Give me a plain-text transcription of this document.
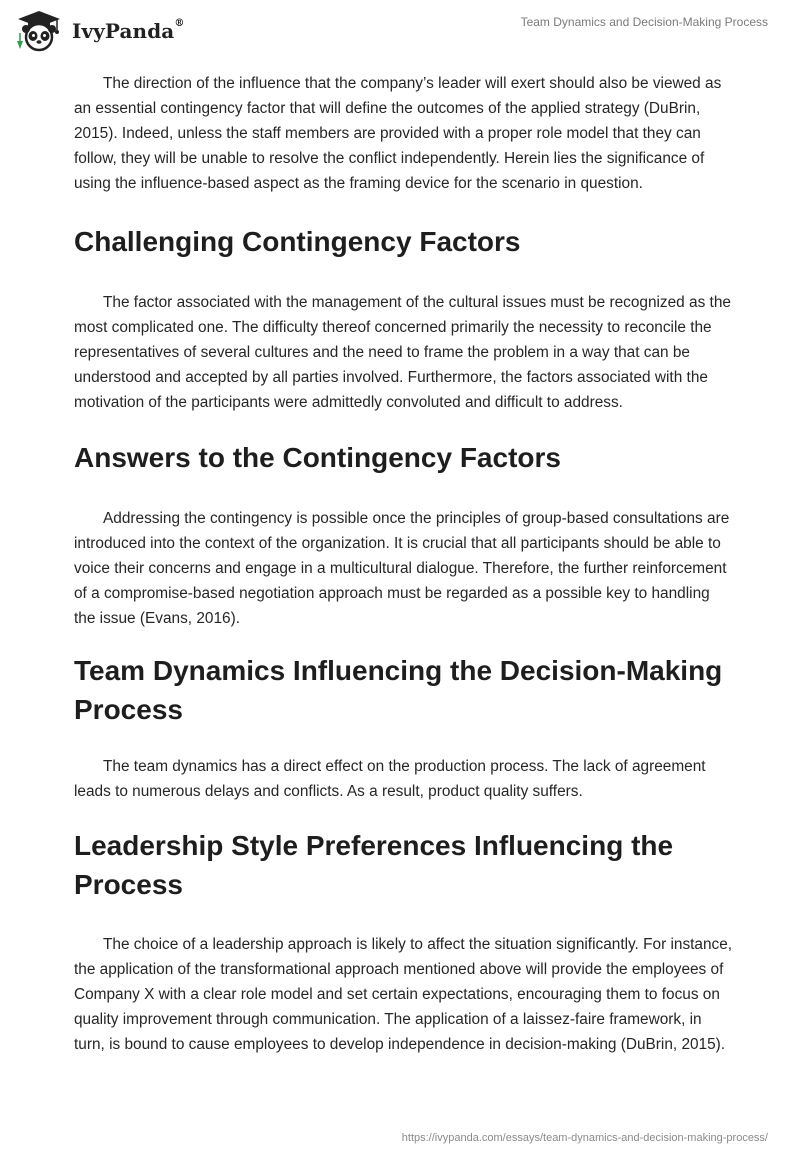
IvyPanda®	Team Dynamics and Decision-Making Process

The direction of the influence that the company’s leader will exert should also be viewed as an essential contingency factor that will define the outcomes of the applied strategy (DuBrin, 2015). Indeed, unless the staff members are provided with a proper role model that they can follow, they will be unable to resolve the conflict independently. Herein lies the significance of using the influence-based aspect as the framing device for the scenario in question.

Challenging Contingency Factors

The factor associated with the management of the cultural issues must be recognized as the most complicated one. The difficulty thereof concerned primarily the necessity to reconcile the representatives of several cultures and the need to frame the problem in a way that can be understood and accepted by all parties involved. Furthermore, the factors associated with the motivation of the participants were admittedly convoluted and difficult to address.

Answers to the Contingency Factors

Addressing the contingency is possible once the principles of group-based consultations are introduced into the context of the organization. It is crucial that all participants should be able to voice their concerns and engage in a multicultural dialogue. Therefore, the further reinforcement of a compromise-based negotiation approach must be regarded as a possible key to handling the issue (Evans, 2016).

Team Dynamics Influencing the Decision-Making Process

The team dynamics has a direct effect on the production process. The lack of agreement leads to numerous delays and conflicts. As a result, product quality suffers.

Leadership Style Preferences Influencing the Process

The choice of a leadership approach is likely to affect the situation significantly. For instance, the application of the transformational approach mentioned above will provide the employees of Company X with a clear role model and set certain expectations, encouraging them to focus on quality improvement through communication. The application of a laissez-faire framework, in turn, is bound to cause employees to develop independence in decision-making (DuBrin, 2015).

https://ivypanda.com/essays/team-dynamics-and-decision-making-process/
